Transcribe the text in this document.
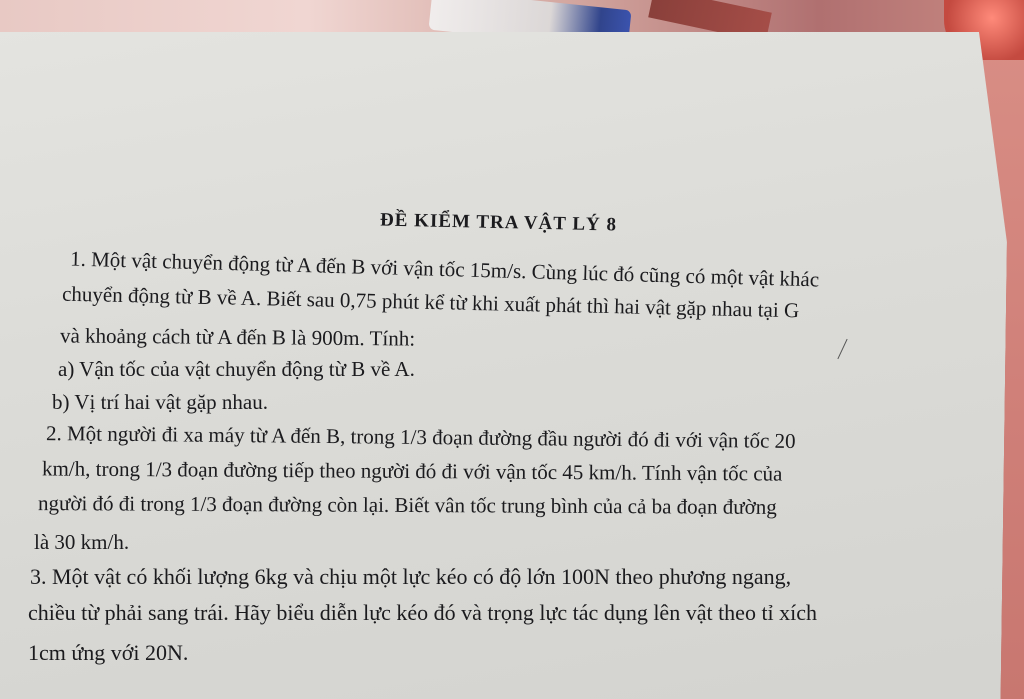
ĐỀ KIỂM TRA VẬT LÝ 8
1. Một vật chuyển động từ A đến B với vận tốc 15m/s. Cùng lúc đó cũng có một vật khác
chuyển động từ B về A. Biết sau 0,75 phút kể từ khi xuất phát thì hai vật gặp nhau tại G
và khoảng cách từ A đến B là 900m. Tính:
a) Vận tốc của vật chuyển động từ B về A.
b) Vị trí hai vật gặp nhau.
2. Một người đi xa máy từ A đến B, trong 1/3 đoạn đường đầu người đó đi với vận tốc 20
km/h, trong 1/3 đoạn đường tiếp theo người đó đi với vận tốc 45 km/h. Tính vận tốc của
người đó đi trong 1/3 đoạn đường còn lại. Biết vân tốc trung bình của cả ba đoạn đường
là 30 km/h.
3. Một vật có khối lượng 6kg và chịu một lực kéo có độ lớn 100N theo phương ngang,
chiều từ phải sang trái. Hãy biểu diễn lực kéo đó và trọng lực tác dụng lên vật theo tỉ xích
1cm ứng với 20N.
